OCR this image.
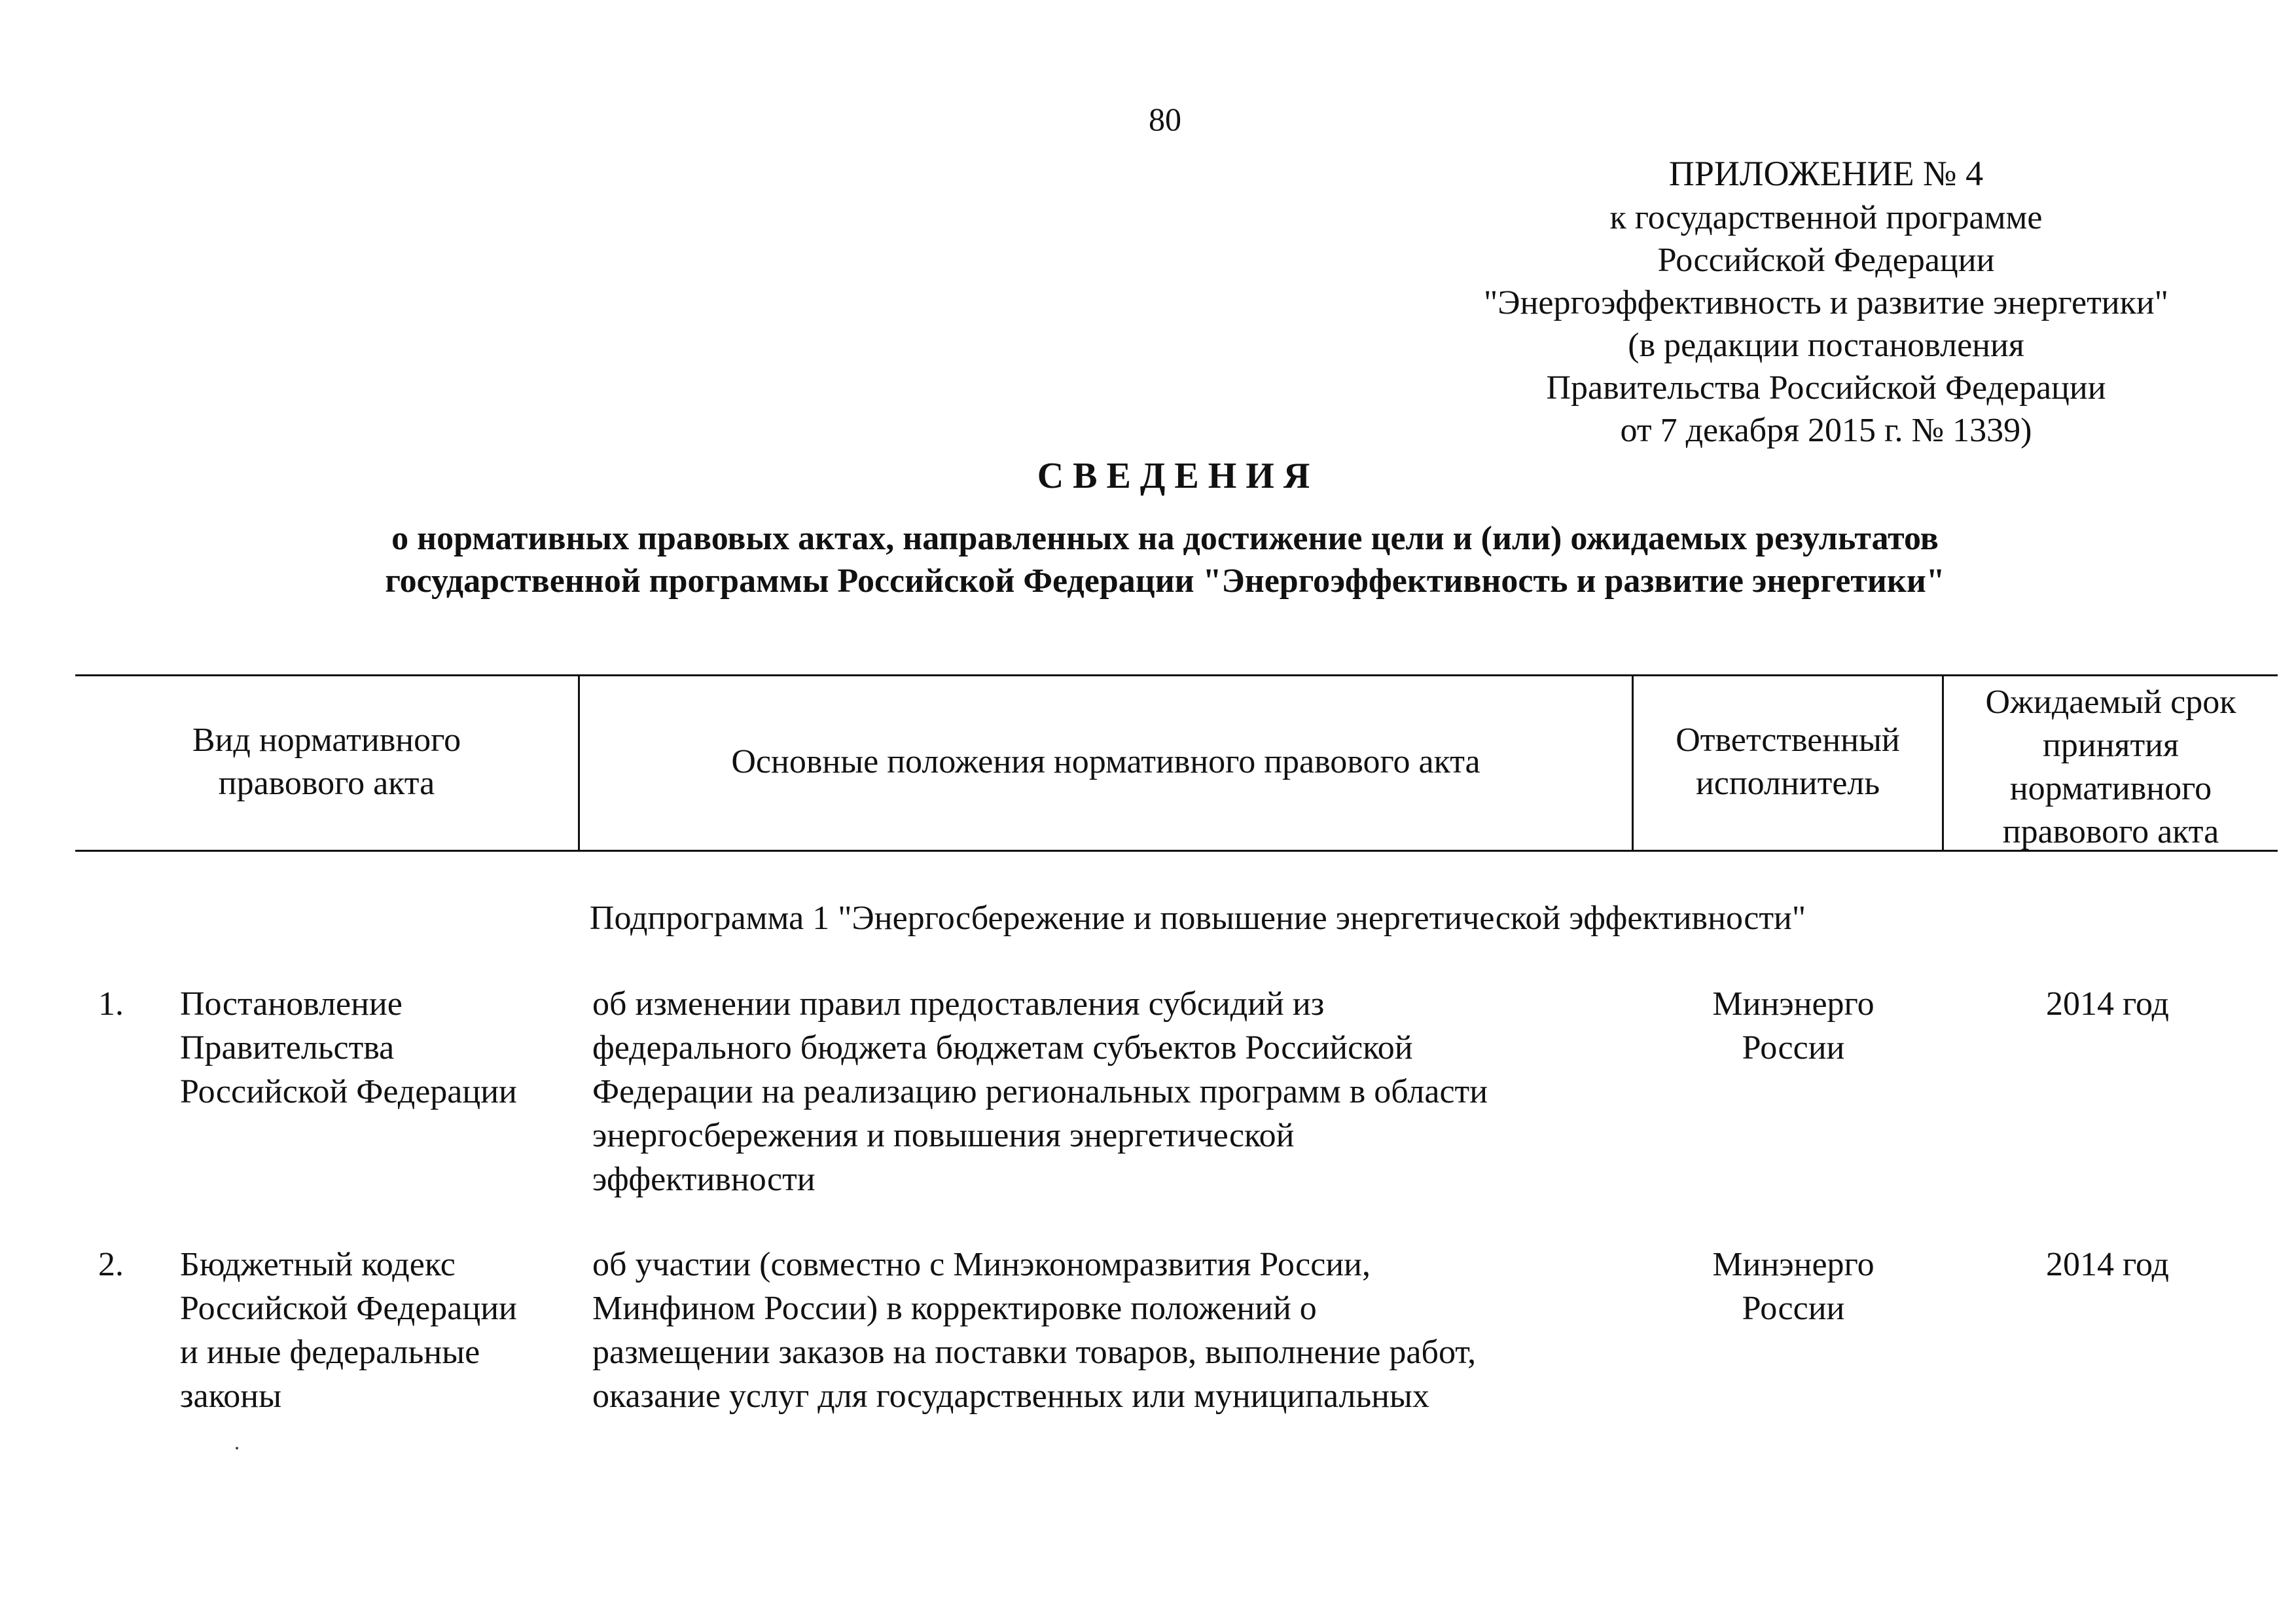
80
ПРИЛОЖЕНИЕ № 4
к государственной программе
Российской Федерации
"Энергоэффективность и развитие энергетики"
(в редакции постановления
Правительства Российской Федерации
от 7 декабря 2015 г. № 1339)
СВЕДЕНИЯ
о нормативных правовых актах, направленных на достижение цели и (или) ожидаемых результатов
государственной программы Российской Федерации "Энергоэффективность и развитие энергетики"
Вид нормативного
правового акта
Основные положения нормативного правового акта
Ответственный
исполнитель
Ожидаемый срок
принятия
нормативного
правового акта
Подпрограмма 1 "Энергосбережение и повышение энергетической эффективности"
1.	Постановление
Правительства
Российской Федерации
об изменении правил предоставления субсидий из
федерального бюджета бюджетам субъектов Российской
Федерации на реализацию региональных программ в области
энергосбережения и повышения энергетической
эффективности
Минэнерго
России
2014 год
2.	Бюджетный кодекс
Российской Федерации
и иные федеральные
законы
об участии (совместно с Минэкономразвития России,
Минфином России) в корректировке положений о
размещении заказов на поставки товаров, выполнение работ,
оказание услуг для государственных или муниципальных
Минэнерго
России
2014 год
